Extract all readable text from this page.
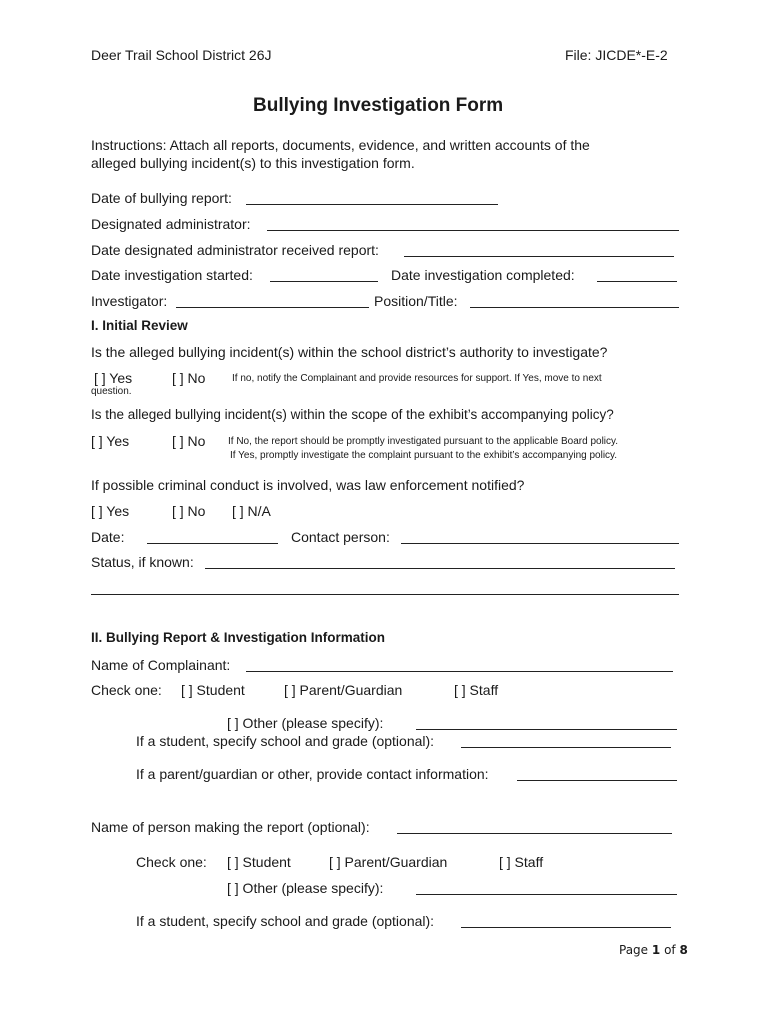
Deer Trail School District 26J	File: JICDE*-E-2
Bullying Investigation Form
Instructions: Attach all reports, documents, evidence, and written accounts of the
alleged bullying incident(s) to this investigation form.
Date of bullying report:
Designated administrator:
Date designated administrator received report:
Date investigation started:	Date investigation completed:
Investigator:	Position/Title:
I. Initial Review
Is the alleged bullying incident(s) within the school district’s authority to investigate?
[ ] Yes	[ ] No	If no, notify the Complainant and provide resources for support. If Yes, move to next
question.
Is the alleged bullying incident(s) within the scope of the exhibit’s accompanying policy?
[ ] Yes	[ ] No If No, the report should be promptly investigated pursuant to the applicable Board policy.
If Yes, promptly investigate the complaint pursuant to the exhibit’s accompanying policy.
If possible criminal conduct is involved, was law enforcement notified?
[ ] Yes	[ ] No [ ] N/A
Date:	Contact person:
Status, if known:
II. Bullying Report & Investigation Information
Name of Complainant:
Check one: [ ] Student	[ ] Parent/Guardian	[ ] Staff
[ ] Other (please specify):
If a student, specify school and grade (optional):
If a parent/guardian or other, provide contact information:
Name of person making the report (optional):
Check one: [ ] Student	[ ] Parent/Guardian	[ ] Staff
[ ] Other (please specify):
If a student, specify school and grade (optional):
Page 1 of 8
